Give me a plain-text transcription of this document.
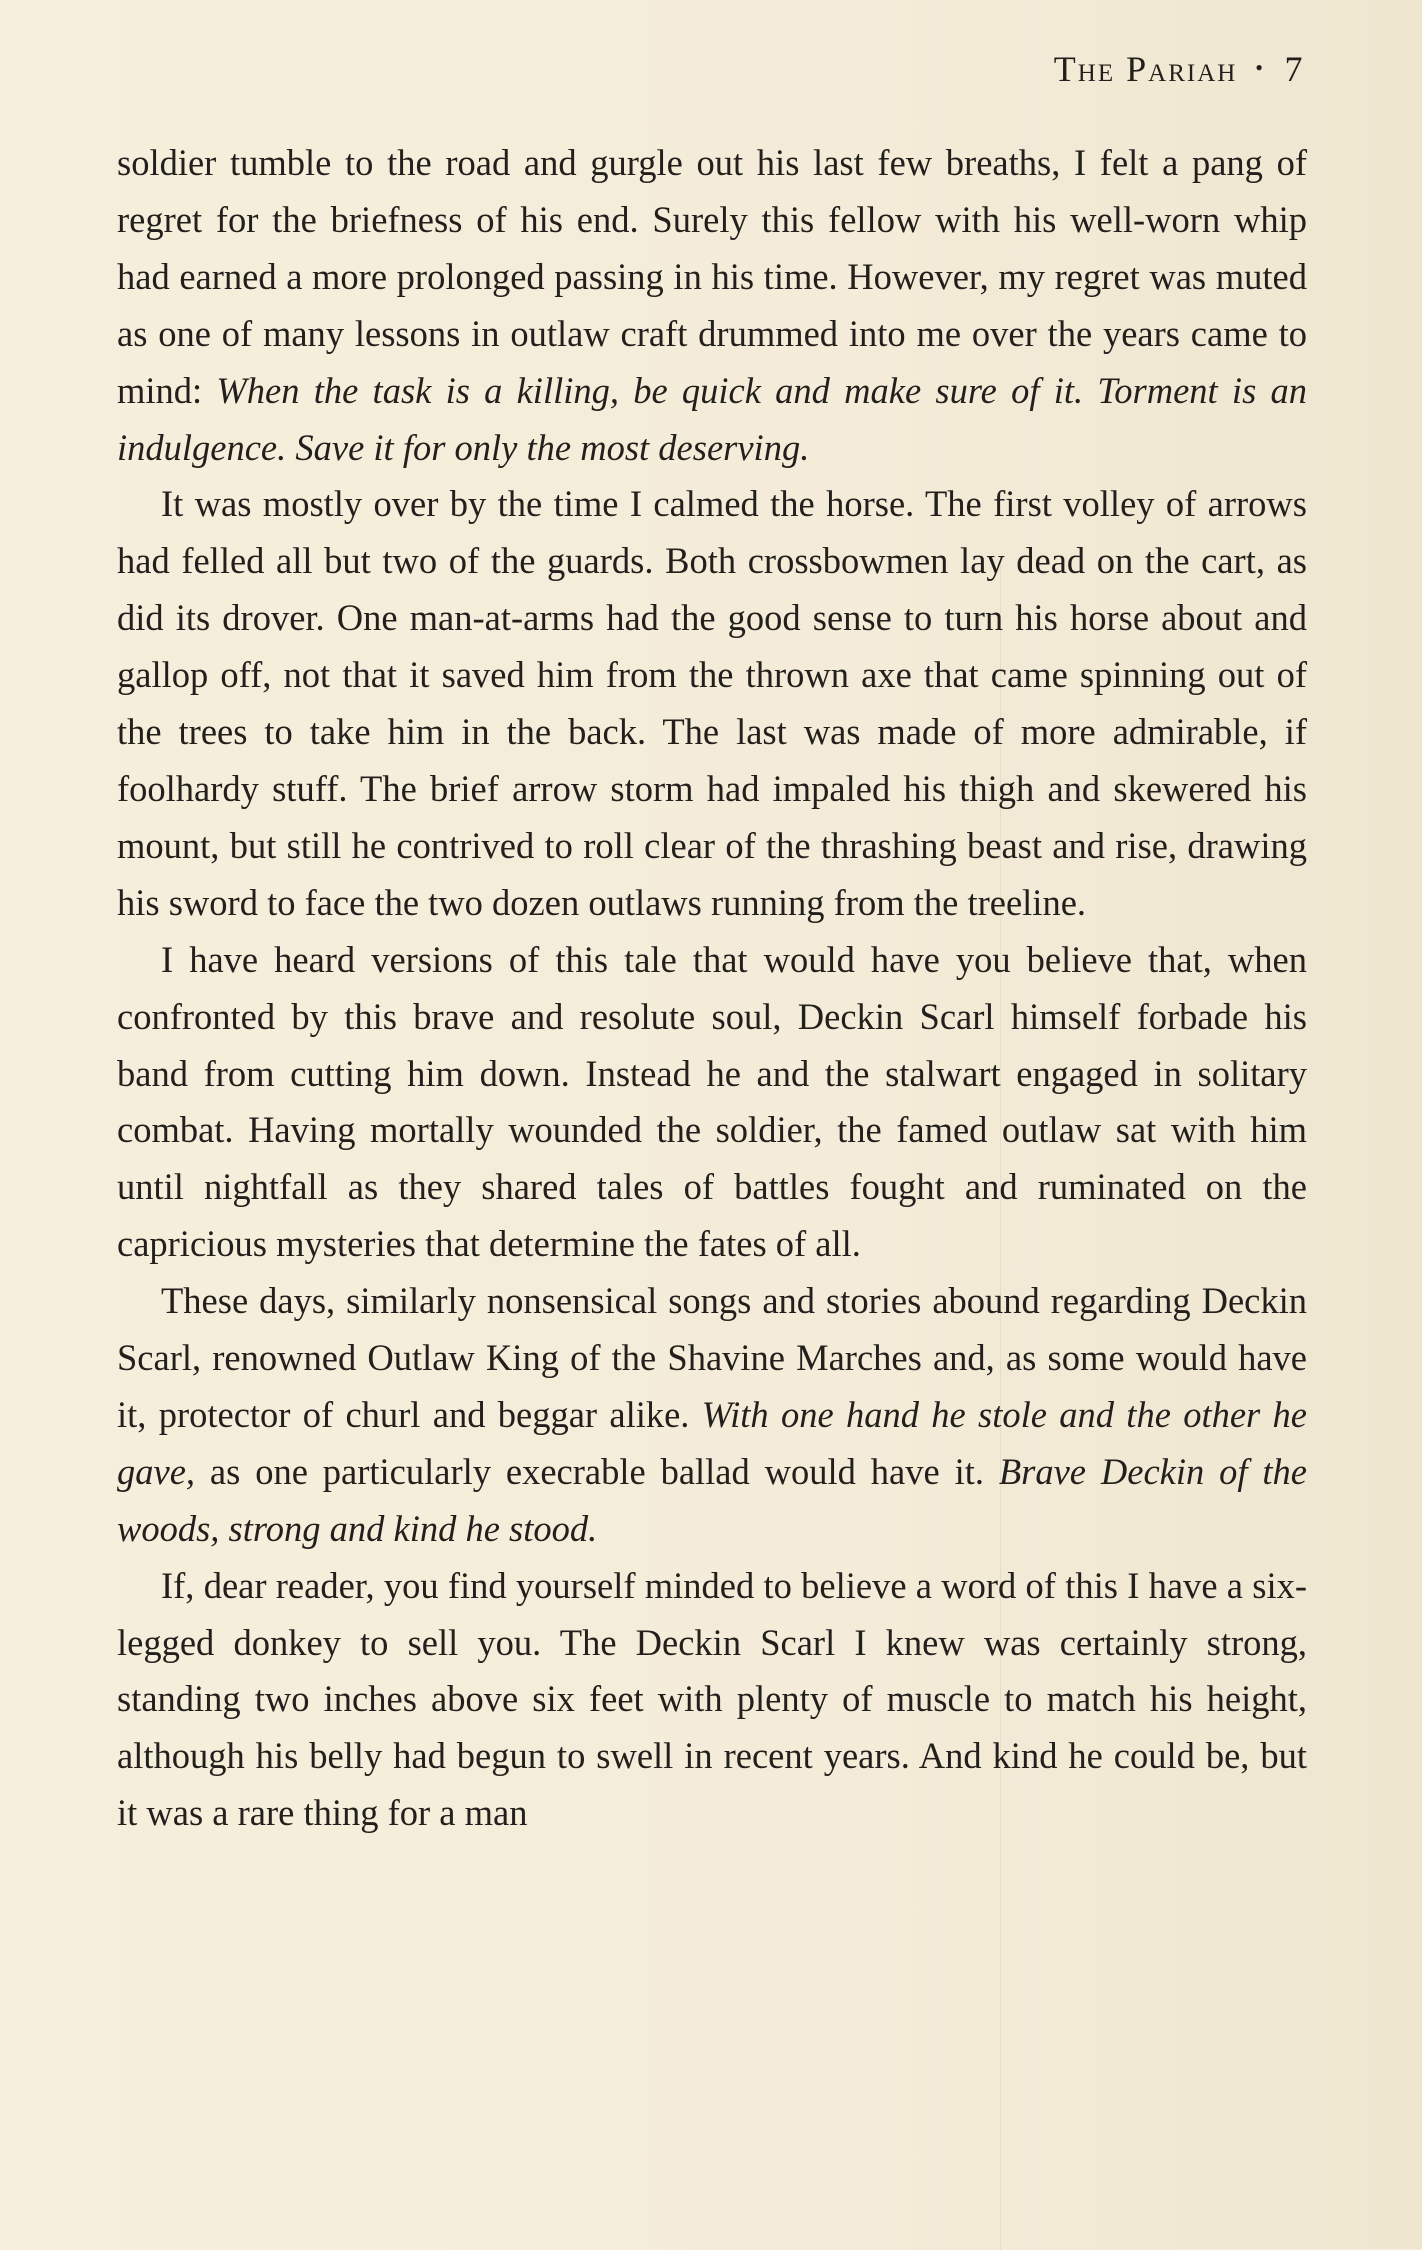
The Pariah • 7

soldier tumble to the road and gurgle out his last few breaths, I felt a pang of regret for the briefness of his end. Surely this fellow with his well-worn whip had earned a more prolonged passing in his time. However, my regret was muted as one of many lessons in outlaw craft drummed into me over the years came to mind: When the task is a killing, be quick and make sure of it. Torment is an indulgence. Save it for only the most deserving.

It was mostly over by the time I calmed the horse. The first volley of arrows had felled all but two of the guards. Both crossbowmen lay dead on the cart, as did its drover. One man-at-arms had the good sense to turn his horse about and gallop off, not that it saved him from the thrown axe that came spinning out of the trees to take him in the back. The last was made of more admirable, if foolhardy stuff. The brief arrow storm had impaled his thigh and skewered his mount, but still he contrived to roll clear of the thrashing beast and rise, drawing his sword to face the two dozen outlaws running from the treeline.

I have heard versions of this tale that would have you believe that, when confronted by this brave and resolute soul, Deckin Scarl himself forbade his band from cutting him down. Instead he and the stalwart engaged in solitary combat. Having mortally wounded the soldier, the famed outlaw sat with him until nightfall as they shared tales of battles fought and ruminated on the capricious mysteries that determine the fates of all.

These days, similarly nonsensical songs and stories abound regarding Deckin Scarl, renowned Outlaw King of the Shavine Marches and, as some would have it, protector of churl and beggar alike. With one hand he stole and the other he gave, as one particularly execrable ballad would have it. Brave Deckin of the woods, strong and kind he stood.

If, dear reader, you find yourself minded to believe a word of this I have a six-legged donkey to sell you. The Deckin Scarl I knew was certainly strong, standing two inches above six feet with plenty of muscle to match his height, although his belly had begun to swell in recent years. And kind he could be, but it was a rare thing for a man
